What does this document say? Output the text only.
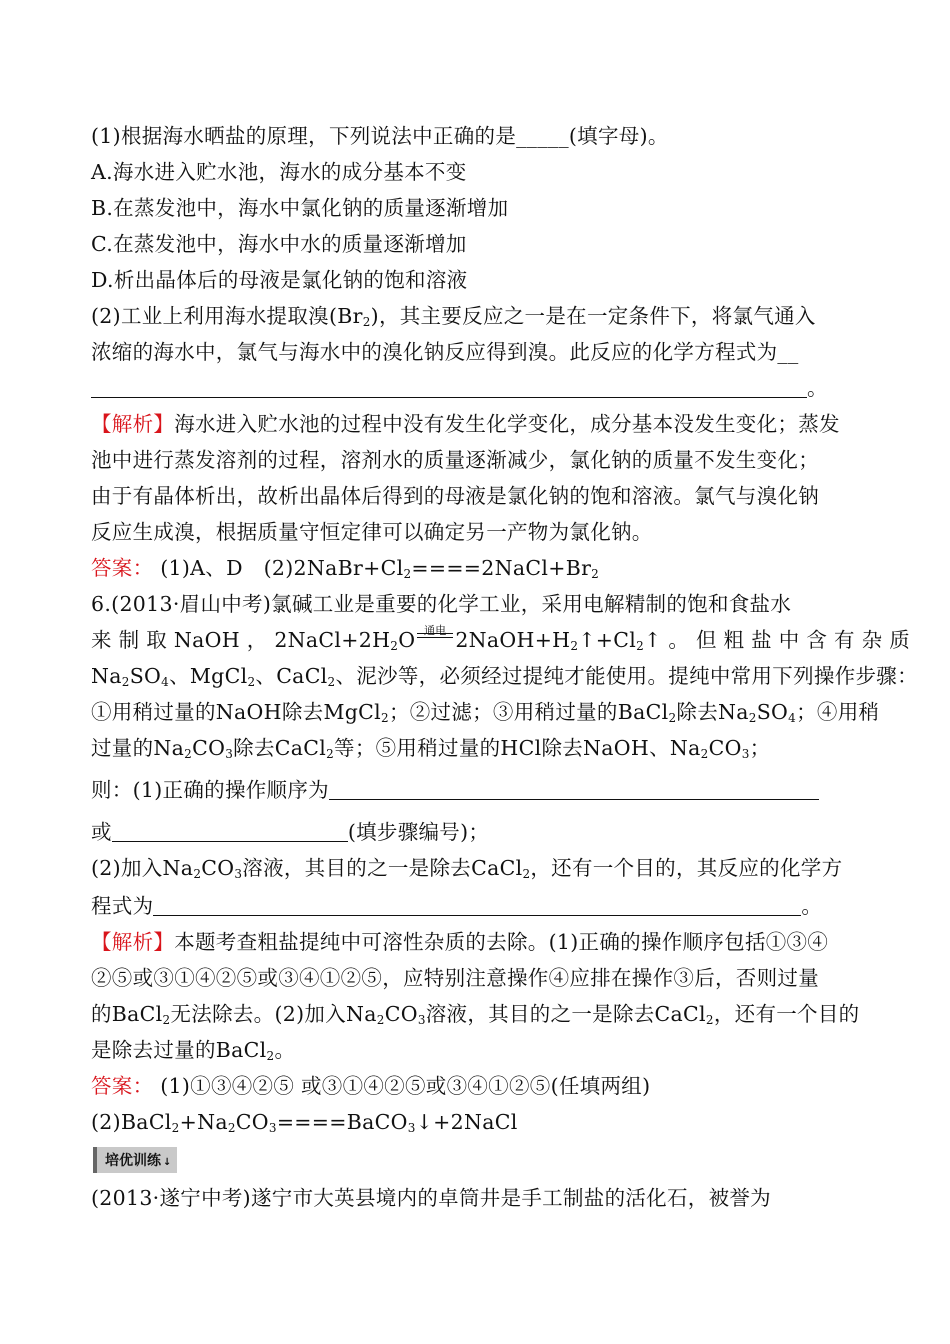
(1)根据海水晒盐的原理，下列说法中正确的是_____(填字母)。
A.海水进入贮水池，海水的成分基本不变
B.在蒸发池中，海水中氯化钠的质量逐渐增加
C.在蒸发池中，海水中水的质量逐渐增加
D.析出晶体后的母液是氯化钠的饱和溶液
(2)工业上利用海水提取溴$(Br_2)$，其主要反应之一是在一定条件下，将氯气通入
浓缩的海水中，氯气与海水中的溴化钠反应得到溴。此反应的化学方程式为__
。
【解析】海水进入贮水池的过程中没有发生化学变化，成分基本没发生变化；蒸发
池中进行蒸发溶剂的过程，溶剂水的质量逐渐减少，氯化钠的质量不发生变化；
由于有晶体析出，故析出晶体后得到的母液是氯化钠的饱和溶液。氯气与溴化钠
反应生成溴，根据质量守恒定律可以确定另一产物为氯化钠。
答案： (1)A、D　$(2)2NaBr+Cl_2====2NaCl+Br_2$
6.(2013·眉山中考)氯碱工业是重要的化学工业，采用电解精制的饱和食盐水
来 制 取 NaOH ， $2NaCl+2H_2O$ 通电 $2NaOH+H_2↑+Cl_2↑$ 。 但 粗 盐 中 含 有 杂 质
$Na_2SO_4$、MgCl$_2$、CaCl$_2$、泥沙等，必须经过提纯才能使用。提纯中常用下列操作步骤：
①用稍过量的NaOH除去MgCl$_2$；②过滤；③用稍过量的BaCl$_2$除去$Na_2SO_4$；④用稍
过量的$Na_2CO_3$除去CaCl$_2$等；⑤用稍过量的HCl除去NaOH、$Na_2CO_3$；
则：(1)正确的操作顺序为
或	(填步骤编号)；
(2)加入$Na_2CO_3$溶液，其目的之一是除去CaCl$_2$，还有一个目的，其反应的化学方
程式为	。
【解析】本题考查粗盐提纯中可溶性杂质的去除。(1)正确的操作顺序包括①③④
②⑤或③①④②⑤或③④①②⑤，应特别注意操作④应排在操作③后，否则过量
的BaCl$_2$无法除去。(2)加入$Na_2CO_3$溶液，其目的之一是除去CaCl$_2$，还有一个目的
是除去过量的BaCl$_2$。
答案： (1)①③④②⑤ 或③①④②⑤或③④①②⑤(任填两组)
$(2)BaCl_2+Na_2CO_3====BaCO_3↓+2NaCl$
培优训练 ↓
(2013·遂宁中考)遂宁市大英县境内的卓筒井是手工制盐的活化石，被誉为
